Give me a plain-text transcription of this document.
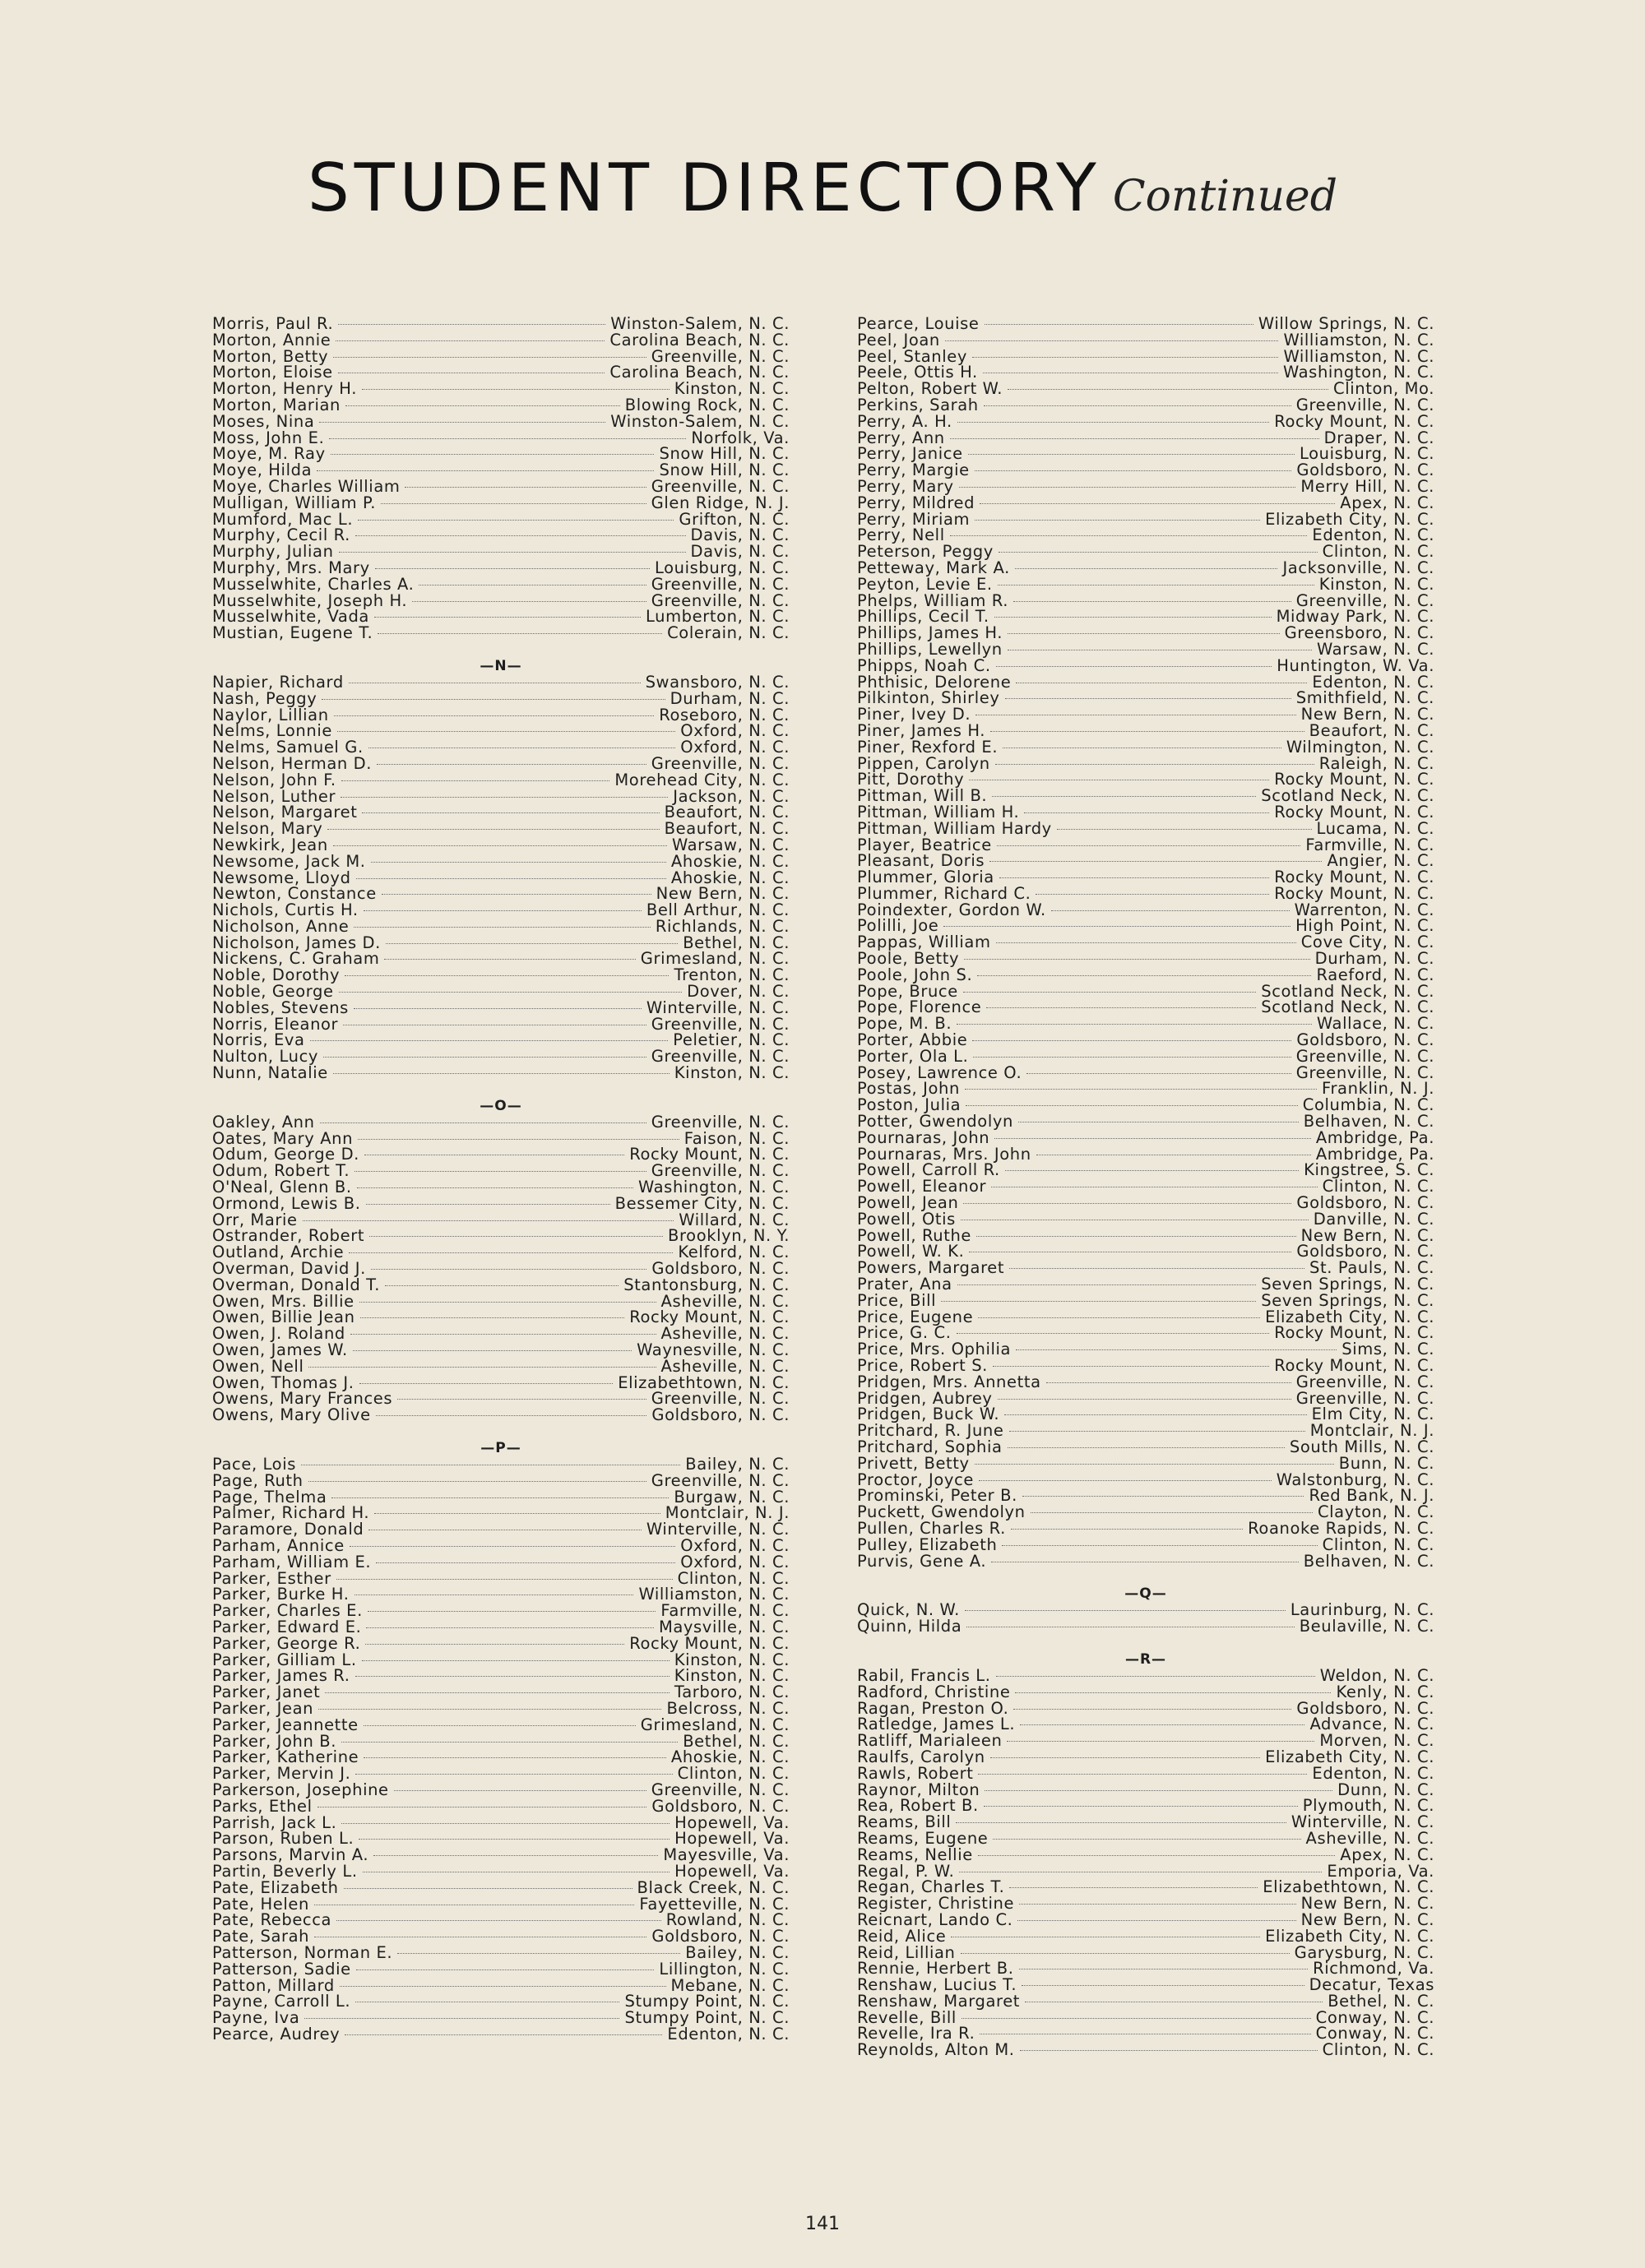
STUDENT DIRECTORY Continued
Morris, Paul R.	Winston-Salem, N. C.
Morton, Annie	Carolina Beach, N. C.
Morton, Betty	Greenville, N. C.
Morton, Eloise	Carolina Beach, N. C.
Morton, Henry H.	Kinston, N. C.
Morton, Marian	Blowing Rock, N. C.
Moses, Nina	Winston-Salem, N. C.
Moss, John E.	Norfolk, Va.
Moye, M. Ray	Snow Hill, N. C.
Moye, Hilda	Snow Hill, N. C.
Moye, Charles William	Greenville, N. C.
Mulligan, William P.	Glen Ridge, N. J.
Mumford, Mac L.	Grifton, N. C.
Murphy, Cecil R.	Davis, N. C.
Murphy, Julian	Davis, N. C.
Murphy, Mrs. Mary	Louisburg, N. C.
Musselwhite, Charles A.	Greenville, N. C.
Musselwhite, Joseph H.	Greenville, N. C.
Musselwhite, Vada	Lumberton, N. C.
Mustian, Eugene T.	Colerain, N. C.
—N—
Napier, Richard	Swansboro, N. C.
Nash, Peggy	Durham, N. C.
Naylor, Lillian	Roseboro, N. C.
Nelms, Lonnie	Oxford, N. C.
Nelms, Samuel G.	Oxford, N. C.
Nelson, Herman D.	Greenville, N. C.
Nelson, John F.	Morehead City, N. C.
Nelson, Luther	Jackson, N. C.
Nelson, Margaret	Beaufort, N. C.
Nelson, Mary	Beaufort, N. C.
Newkirk, Jean	Warsaw, N. C.
Newsome, Jack M.	Ahoskie, N. C.
Newsome, Lloyd	Ahoskie, N. C.
Newton, Constance	New Bern, N. C.
Nichols, Curtis H.	Bell Arthur, N. C.
Nicholson, Anne	Richlands, N. C.
Nicholson, James D.	Bethel, N. C.
Nickens, C. Graham	Grimesland, N. C.
Noble, Dorothy	Trenton, N. C.
Noble, George	Dover, N. C.
Nobles, Stevens	Winterville, N. C.
Norris, Eleanor	Greenville, N. C.
Norris, Eva	Peletier, N. C.
Nulton, Lucy	Greenville, N. C.
Nunn, Natalie	Kinston, N. C.
—O—
Oakley, Ann	Greenville, N. C.
Oates, Mary Ann	Faison, N. C.
Odum, George D.	Rocky Mount, N. C.
Odum, Robert T.	Greenville, N. C.
O'Neal, Glenn B.	Washington, N. C.
Ormond, Lewis B.	Bessemer City, N. C.
Orr, Marie	Willard, N. C.
Ostrander, Robert	Brooklyn, N. Y.
Outland, Archie	Kelford, N. C.
Overman, David J.	Goldsboro, N. C.
Overman, Donald T.	Stantonsburg, N. C.
Owen, Mrs. Billie	Asheville, N. C.
Owen, Billie Jean	Rocky Mount, N. C.
Owen, J. Roland	Asheville, N. C.
Owen, James W.	Waynesville, N. C.
Owen, Nell	Asheville, N. C.
Owen, Thomas J.	Elizabethtown, N. C.
Owens, Mary Frances	Greenville, N. C.
Owens, Mary Olive	Goldsboro, N. C.
—P—
Pace, Lois	Bailey, N. C.
Page, Ruth	Greenville, N. C.
Page, Thelma	Burgaw, N. C.
Palmer, Richard H.	Montclair, N. J.
Paramore, Donald	Winterville, N. C.
Parham, Annice	Oxford, N. C.
Parham, William E.	Oxford, N. C.
Parker, Esther	Clinton, N. C.
Parker, Burke H.	Williamston, N. C.
Parker, Charles E.	Farmville, N. C.
Parker, Edward E.	Maysville, N. C.
Parker, George R.	Rocky Mount, N. C.
Parker, Gilliam L.	Kinston, N. C.
Parker, James R.	Kinston, N. C.
Parker, Janet	Tarboro, N. C.
Parker, Jean	Belcross, N. C.
Parker, Jeannette	Grimesland, N. C.
Parker, John B.	Bethel, N. C.
Parker, Katherine	Ahoskie, N. C.
Parker, Mervin J.	Clinton, N. C.
Parkerson, Josephine	Greenville, N. C.
Parks, Ethel	Goldsboro, N. C.
Parrish, Jack L.	Hopewell, Va.
Parson, Ruben L.	Hopewell, Va.
Parsons, Marvin A.	Mayesville, Va.
Partin, Beverly L.	Hopewell, Va.
Pate, Elizabeth	Black Creek, N. C.
Pate, Helen	Fayetteville, N. C.
Pate, Rebecca	Rowland, N. C.
Pate, Sarah	Goldsboro, N. C.
Patterson, Norman E.	Bailey, N. C.
Patterson, Sadie	Lillington, N. C.
Patton, Millard	Mebane, N. C.
Payne, Carroll L.	Stumpy Point, N. C.
Payne, Iva	Stumpy Point, N. C.
Pearce, Audrey	Edenton, N. C.
Pearce, Louise	Willow Springs, N. C.
Peel, Joan	Williamston, N. C.
Peel, Stanley	Williamston, N. C.
Peele, Ottis H.	Washington, N. C.
Pelton, Robert W.	Clinton, Mo.
Perkins, Sarah	Greenville, N. C.
Perry, A. H.	Rocky Mount, N. C.
Perry, Ann	Draper, N. C.
Perry, Janice	Louisburg, N. C.
Perry, Margie	Goldsboro, N. C.
Perry, Mary	Merry Hill, N. C.
Perry, Mildred	Apex, N. C.
Perry, Miriam	Elizabeth City, N. C.
Perry, Nell	Edenton, N. C.
Peterson, Peggy	Clinton, N. C.
Petteway, Mark A.	Jacksonville, N. C.
Peyton, Levie E.	Kinston, N. C.
Phelps, William R.	Greenville, N. C.
Phillips, Cecil T.	Midway Park, N. C.
Phillips, James H.	Greensboro, N. C.
Phillips, Lewellyn	Warsaw, N. C.
Phipps, Noah C.	Huntington, W. Va.
Phthisic, Delorene	Edenton, N. C.
Pilkinton, Shirley	Smithfield, N. C.
Piner, Ivey D.	New Bern, N. C.
Piner, James H.	Beaufort, N. C.
Piner, Rexford E.	Wilmington, N. C.
Pippen, Carolyn	Raleigh, N. C.
Pitt, Dorothy	Rocky Mount, N. C.
Pittman, Will B.	Scotland Neck, N. C.
Pittman, William H.	Rocky Mount, N. C.
Pittman, William Hardy	Lucama, N. C.
Player, Beatrice	Farmville, N. C.
Pleasant, Doris	Angier, N. C.
Plummer, Gloria	Rocky Mount, N. C.
Plummer, Richard C.	Rocky Mount, N. C.
Poindexter, Gordon W.	Warrenton, N. C.
Polilli, Joe	High Point, N. C.
Pappas, William	Cove City, N. C.
Poole, Betty	Durham, N. C.
Poole, John S.	Raeford, N. C.
Pope, Bruce	Scotland Neck, N. C.
Pope, Florence	Scotland Neck, N. C.
Pope, M. B.	Wallace, N. C.
Porter, Abbie	Goldsboro, N. C.
Porter, Ola L.	Greenville, N. C.
Posey, Lawrence O.	Greenville, N. C.
Postas, John	Franklin, N. J.
Poston, Julia	Columbia, N. C.
Potter, Gwendolyn	Belhaven, N. C.
Pournaras, John	Ambridge, Pa.
Pournaras, Mrs. John	Ambridge, Pa.
Powell, Carroll R.	Kingstree, S. C.
Powell, Eleanor	Clinton, N. C.
Powell, Jean	Goldsboro, N. C.
Powell, Otis	Danville, N. C.
Powell, Ruthe	New Bern, N. C.
Powell, W. K.	Goldsboro, N. C.
Powers, Margaret	St. Pauls, N. C.
Prater, Ana	Seven Springs, N. C.
Price, Bill	Seven Springs, N. C.
Price, Eugene	Elizabeth City, N. C.
Price, G. C.	Rocky Mount, N. C.
Price, Mrs. Ophilia	Sims, N. C.
Price, Robert S.	Rocky Mount, N. C.
Pridgen, Mrs. Annetta	Greenville, N. C.
Pridgen, Aubrey	Greenville, N. C.
Pridgen, Buck W.	Elm City, N. C.
Pritchard, R. June	Montclair, N. J.
Pritchard, Sophia	South Mills, N. C.
Privett, Betty	Bunn, N. C.
Proctor, Joyce	Walstonburg, N. C.
Prominski, Peter B.	Red Bank, N. J.
Puckett, Gwendolyn	Clayton, N. C.
Pullen, Charles R.	Roanoke Rapids, N. C.
Pulley, Elizabeth	Clinton, N. C.
Purvis, Gene A.	Belhaven, N. C.
—Q—
Quick, N. W.	Laurinburg, N. C.
Quinn, Hilda	Beulaville, N. C.
—R—
Rabil, Francis L.	Weldon, N. C.
Radford, Christine	Kenly, N. C.
Ragan, Preston O.	Goldsboro, N. C.
Ratledge, James L.	Advance, N. C.
Ratliff, Marialeen	Morven, N. C.
Raulfs, Carolyn	Elizabeth City, N. C.
Rawls, Robert	Edenton, N. C.
Raynor, Milton	Dunn, N. C.
Rea, Robert B.	Plymouth, N. C.
Reams, Bill	Winterville, N. C.
Reams, Eugene	Asheville, N. C.
Reams, Nellie	Apex, N. C.
Regal, P. W.	Emporia, Va.
Regan, Charles T.	Elizabethtown, N. C.
Register, Christine	New Bern, N. C.
Reicnart, Lando C.	New Bern, N. C.
Reid, Alice	Elizabeth City, N. C.
Reid, Lillian	Garysburg, N. C.
Rennie, Herbert B.	Richmond, Va.
Renshaw, Lucius T.	Decatur, Texas
Renshaw, Margaret	Bethel, N. C.
Revelle, Bill	Conway, N. C.
Revelle, Ira R.	Conway, N. C.
Reynolds, Alton M.	Clinton, N. C.
141
